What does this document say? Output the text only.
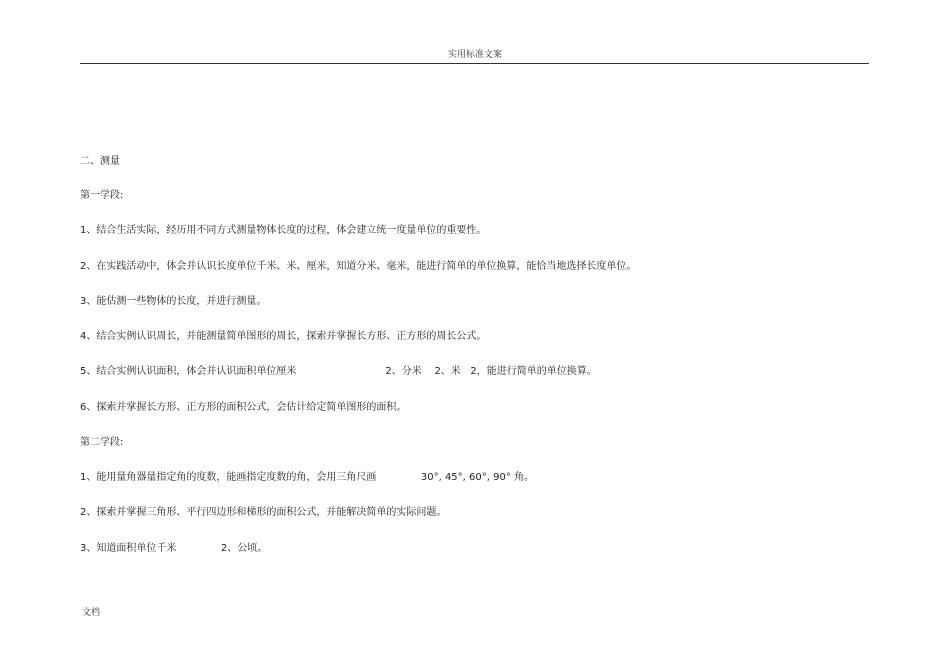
实用标准文案
二、测量
第一学段:
1、结合生活实际，经历用不同方式测量物体长度的过程，体会建立统一度量单位的重要性。
2、在实践活动中，体会并认识长度单位千米、米、厘米，知道分米、毫米，能进行简单的单位换算，能恰当地选择长度单位。
3、能估测一些物体的长度，并进行测量。
4、结合实例认识周长，并能测量简单图形的周长，探索并掌握长方形、正方形的周长公式。
5、结合实例认识面积，体会并认识面积单位厘米                            2、分米    2、米   2，能进行简单的单位换算。
6、探索并掌握长方形、正方形的面积公式，会估计给定简单图形的面积。
第二学段:
1、能用量角器量指定角的度数，能画指定度数的角，会用三角尺画              30°, 45°, 60°, 90° 角。
2、探索并掌握三角形、平行四边形和梯形的面积公式，并能解决简单的实际问题。
3、知道面积单位千米              2、公顷。
文档
